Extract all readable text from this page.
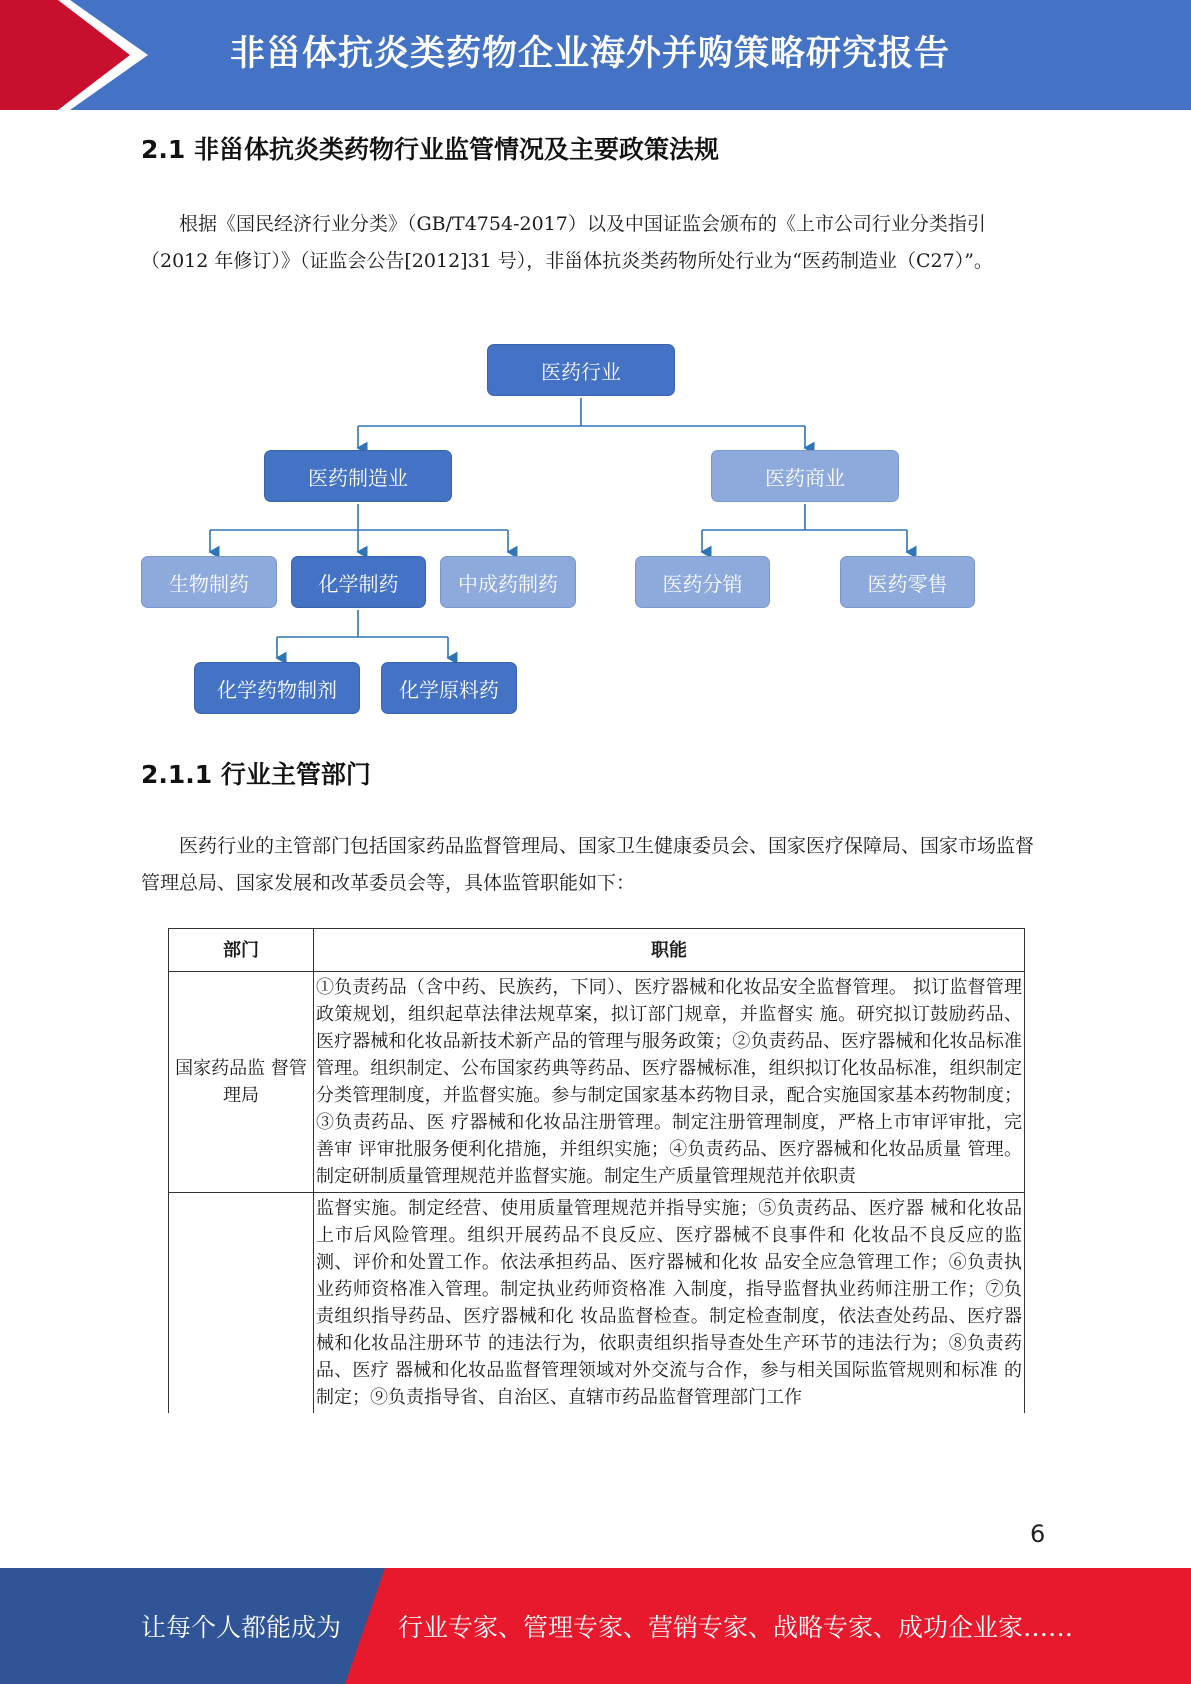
非甾体抗炎类药物企业海外并购策略研究报告
2.1 非甾体抗炎类药物行业监管情况及主要政策法规

根据《国民经济行业分类》（GB/T4754-2017）以及中国证监会颁布的《上市公司行业分类指引（2012 年修订）》（证监会公告[2012]31 号），非甾体抗炎类药物所处行业为“医药制造业（C27）”。

医药行业
医药制造业	医药商业
生物制药	化学制药	中成药制药	医药分销	医药零售
化学药物制剂	化学原料药
2.1.1 行业主管部门

医药行业的主管部门包括国家药品监督管理局、国家卫生健康委员会、国家医疗保障局、国家市场监督管理总局、国家发展和改革委员会等，具体监管职能如下：

部门	职能
国家药品监 督管理局	①负责药品（含中药、民族药，下同）、医疗器械和化妆品安全监督管理。 拟订监督管理政策规划，组织起草法律法规草案，拟订部门规章，并监督实 施。研究拟订鼓励药品、医疗器械和化妆品新技术新产品的管理与服务政策；②负责药品、医疗器械和化妆品标准管理。组织制定、公布国家药典等药品、医疗器械标准，组织拟订化妆品标准，组织制定分类管理制度，并监督实施。参与制定国家基本药物目录，配合实施国家基本药物制度；③负责药品、医 疗器械和化妆品注册管理。制定注册管理制度，严格上市审评审批，完善审 评审批服务便利化措施，并组织实施；④负责药品、医疗器械和化妆品质量 管理。制定研制质量管理规范并监督实施。制定生产质量管理规范并依职责
	监督实施。制定经营、使用质量管理规范并指导实施；⑤负责药品、医疗器 械和化妆品上市后风险管理。组织开展药品不良反应、医疗器械不良事件和 化妆品不良反应的监测、评价和处置工作。依法承担药品、医疗器械和化妆 品安全应急管理工作；⑥负责执业药师资格准入管理。制定执业药师资格准 入制度，指导监督执业药师注册工作；⑦负责组织指导药品、医疗器械和化 妆品监督检查。制定检查制度，依法查处药品、医疗器械和化妆品注册环节 的违法行为，依职责组织指导查处生产环节的违法行为；⑧负责药品、医疗 器械和化妆品监督管理领域对外交流与合作，参与相关国际监管规则和标准 的制定；⑨负责指导省、自治区、直辖市药品监督管理部门工作
6
让每个人都能成为 行业专家、管理专家、营销专家、战略专家、成功企业家……
